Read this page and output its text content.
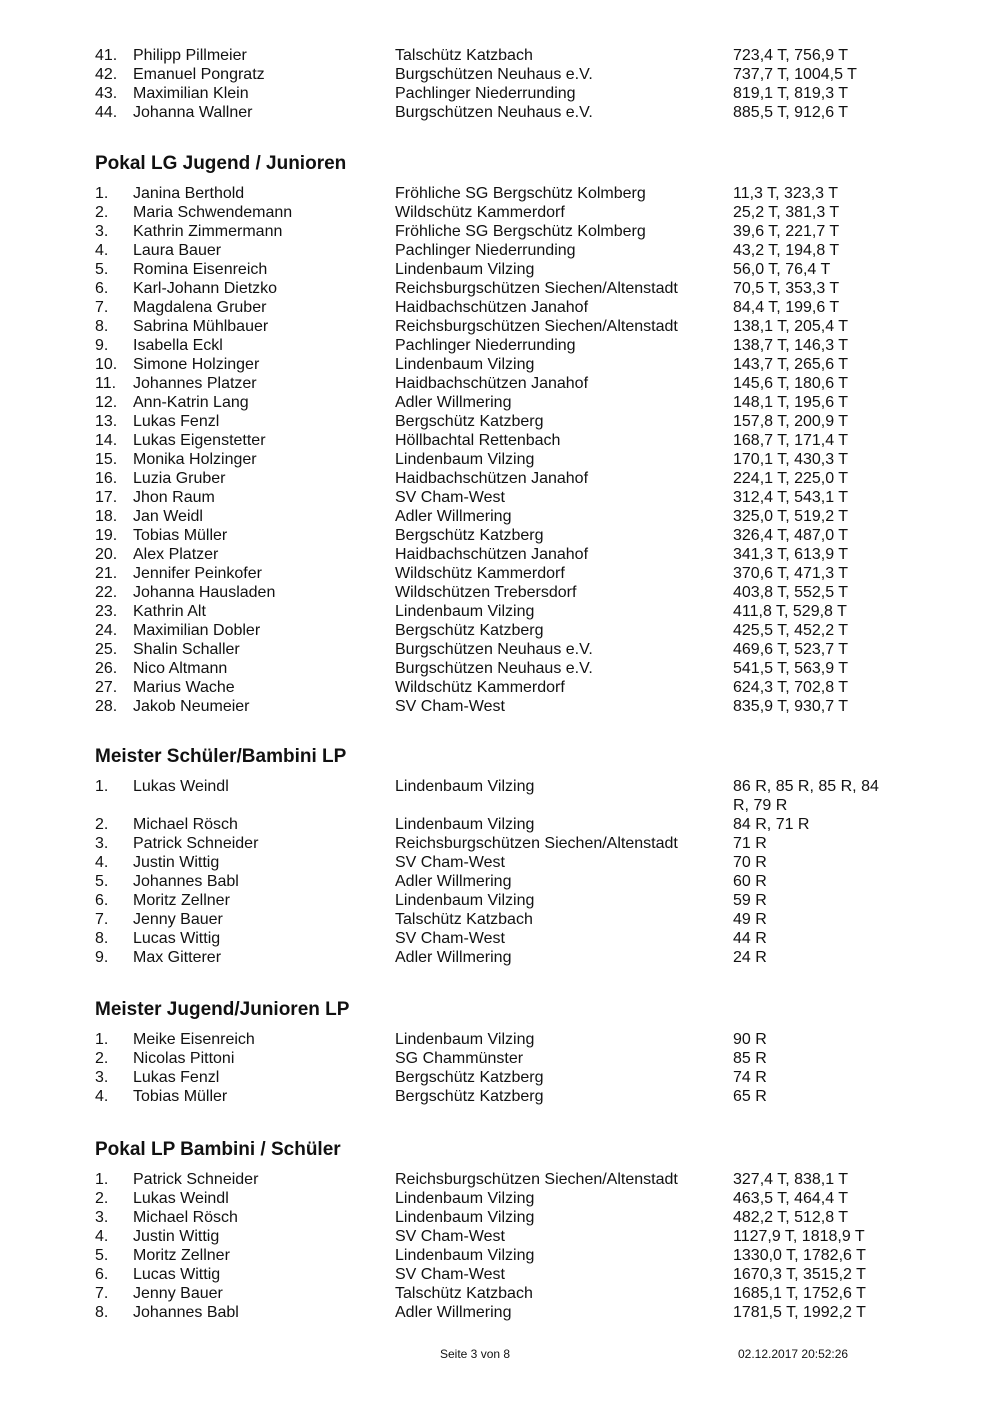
41. Philipp Pillmeier	Talschütz Katzbach	723,4 T, 756,9 T
42. Emanuel Pongratz	Burgschützen Neuhaus e.V.	737,7 T, 1004,5 T
43. Maximilian Klein	Pachlinger Niederrunding	819,1 T, 819,3 T
44. Johanna Wallner	Burgschützen Neuhaus e.V.	885,5 T, 912,6 T
Pokal LG Jugend / Junioren
1. Janina Berthold	Fröhliche SG Bergschütz Kolmberg	11,3 T, 323,3 T
2. Maria Schwendemann	Wildschütz Kammerdorf	25,2 T, 381,3 T
3. Kathrin Zimmermann	Fröhliche SG Bergschütz Kolmberg	39,6 T, 221,7 T
4. Laura Bauer	Pachlinger Niederrunding	43,2 T, 194,8 T
5. Romina Eisenreich	Lindenbaum Vilzing	56,0 T, 76,4 T
6. Karl-Johann Dietzko	Reichsburgschützen Siechen/Altenstadt	70,5 T, 353,3 T
7. Magdalena Gruber	Haidbachschützen Janahof	84,4 T, 199,6 T
8. Sabrina Mühlbauer	Reichsburgschützen Siechen/Altenstadt	138,1 T, 205,4 T
9. Isabella Eckl	Pachlinger Niederrunding	138,7 T, 146,3 T
10. Simone Holzinger	Lindenbaum Vilzing	143,7 T, 265,6 T
11. Johannes Platzer	Haidbachschützen Janahof	145,6 T, 180,6 T
12. Ann-Katrin Lang	Adler Willmering	148,1 T, 195,6 T
13. Lukas Fenzl	Bergschütz Katzberg	157,8 T, 200,9 T
14. Lukas Eigenstetter	Höllbachtal Rettenbach	168,7 T, 171,4 T
15. Monika Holzinger	Lindenbaum Vilzing	170,1 T, 430,3 T
16. Luzia Gruber	Haidbachschützen Janahof	224,1 T, 225,0 T
17. Jhon Raum	SV Cham-West	312,4 T, 543,1 T
18. Jan Weidl	Adler Willmering	325,0 T, 519,2 T
19. Tobias Müller	Bergschütz Katzberg	326,4 T, 487,0 T
20. Alex Platzer	Haidbachschützen Janahof	341,3 T, 613,9 T
21. Jennifer Peinkofer	Wildschütz Kammerdorf	370,6 T, 471,3 T
22. Johanna Hausladen	Wildschützen Trebersdorf	403,8 T, 552,5 T
23. Kathrin Alt	Lindenbaum Vilzing	411,8 T, 529,8 T
24. Maximilian Dobler	Bergschütz Katzberg	425,5 T, 452,2 T
25. Shalin Schaller	Burgschützen Neuhaus e.V.	469,6 T, 523,7 T
26. Nico Altmann	Burgschützen Neuhaus e.V.	541,5 T, 563,9 T
27. Marius Wache	Wildschütz Kammerdorf	624,3 T, 702,8 T
28. Jakob Neumeier	SV Cham-West	835,9 T, 930,7 T
Meister Schüler/Bambini LP
1. Lukas Weindl	Lindenbaum Vilzing	86 R, 85 R, 85 R, 84 R, 79 R
2. Michael Rösch	Lindenbaum Vilzing	84 R, 71 R
3. Patrick Schneider	Reichsburgschützen Siechen/Altenstadt	71 R
4. Justin Wittig	SV Cham-West	70 R
5. Johannes Babl	Adler Willmering	60 R
6. Moritz Zellner	Lindenbaum Vilzing	59 R
7. Jenny Bauer	Talschütz Katzbach	49 R
8. Lucas Wittig	SV Cham-West	44 R
9. Max Gitterer	Adler Willmering	24 R
Meister Jugend/Junioren LP
1. Meike Eisenreich	Lindenbaum Vilzing	90 R
2. Nicolas Pittoni	SG Chammünster	85 R
3. Lukas Fenzl	Bergschütz Katzberg	74 R
4. Tobias Müller	Bergschütz Katzberg	65 R
Pokal LP Bambini / Schüler
1. Patrick Schneider	Reichsburgschützen Siechen/Altenstadt	327,4 T, 838,1 T
2. Lukas Weindl	Lindenbaum Vilzing	463,5 T, 464,4 T
3. Michael Rösch	Lindenbaum Vilzing	482,2 T, 512,8 T
4. Justin Wittig	SV Cham-West	1127,9 T, 1818,9 T
5. Moritz Zellner	Lindenbaum Vilzing	1330,0 T, 1782,6 T
6. Lucas Wittig	SV Cham-West	1670,3 T, 3515,2 T
7. Jenny Bauer	Talschütz Katzbach	1685,1 T, 1752,6 T
8. Johannes Babl	Adler Willmering	1781,5 T, 1992,2 T
Seite 3 von 8	02.12.2017 20:52:26
